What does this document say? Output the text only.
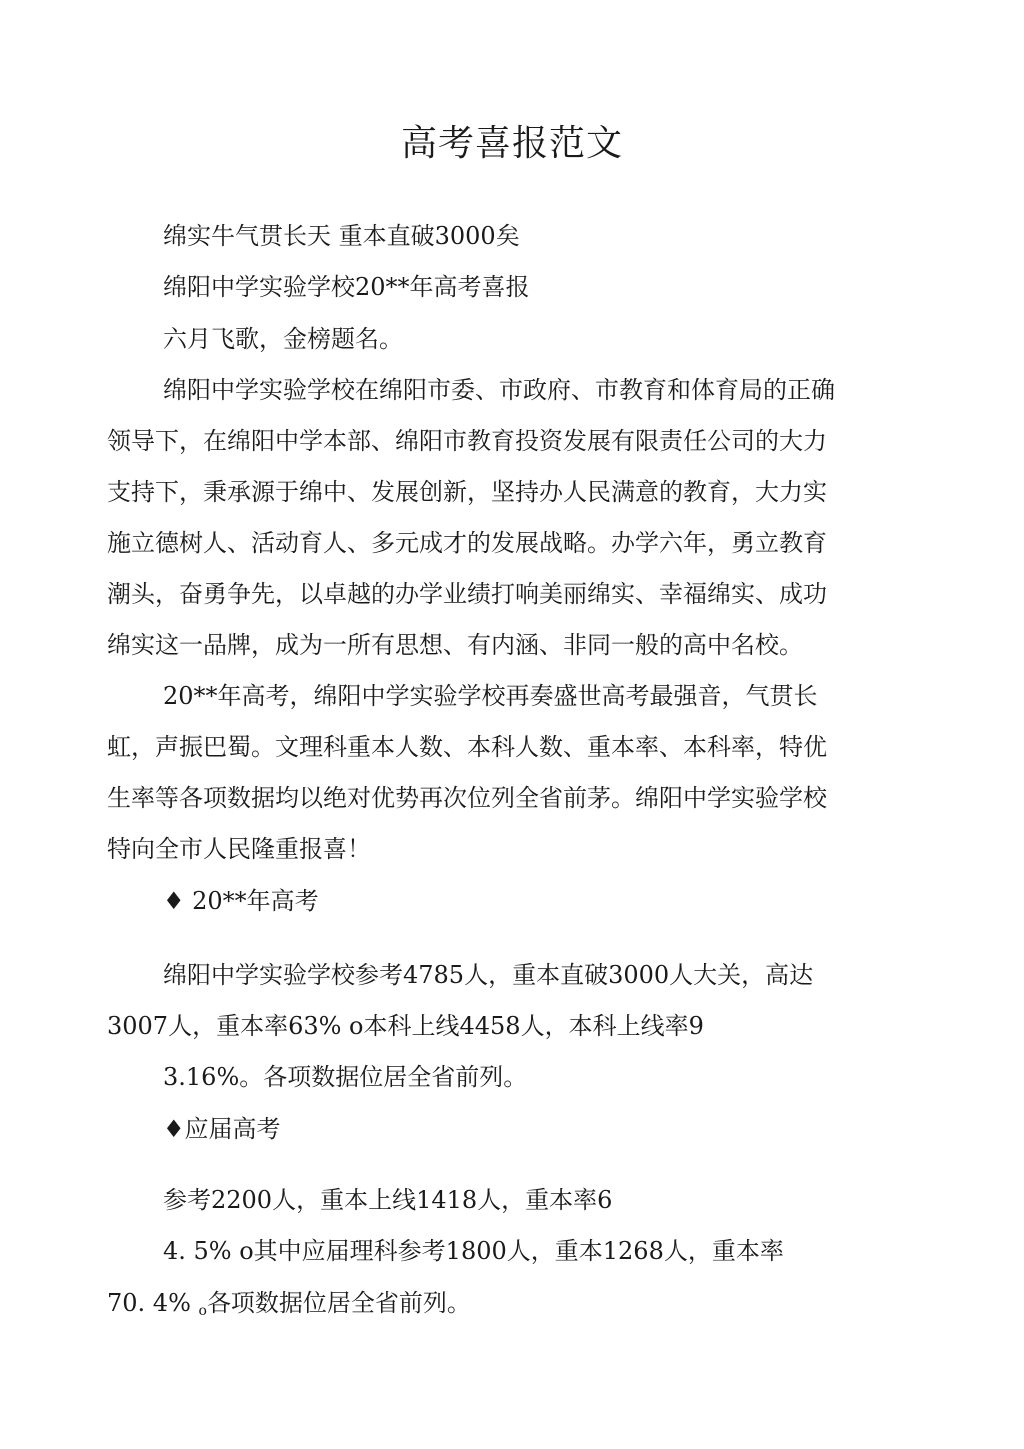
高考喜报范文
绵实牛气贯长天 重本直破3000矣
绵阳中学实验学校20**年高考喜报
六月飞歌，金榜题名。
绵阳中学实验学校在绵阳市委、市政府、市教育和体育局的正确
领导下，在绵阳中学本部、绵阳市教育投资发展有限责任公司的大力
支持下，秉承源于绵中、发展创新，坚持办人民满意的教育，大力实
施立德树人、活动育人、多元成才的发展战略。办学六年，勇立教育
潮头，奋勇争先，以卓越的办学业绩打响美丽绵实、幸福绵实、成功
绵实这一品牌，成为一所有思想、有内涵、非同一般的高中名校。
20**年高考，绵阳中学实验学校再奏盛世高考最强音，气贯长
虹，声振巴蜀。文理科重本人数、本科人数、重本率、本科率，特优
生率等各项数据均以绝对优势再次位列全省前茅。绵阳中学实验学校
特向全市人民隆重报喜！
♦ 20**年高考
绵阳中学实验学校参考4785人，重本直破3000人大关，高达
3007人，重本率63% o本科上线4458人，本科上线率9
3.16%。各项数据位居全省前列。
♦应届高考
参考2200人，重本上线1418人，重本率6
4. 5% o其中应届理科参考1800人，重本1268人，重本率
70. 4% o各项数据位居全省前列。
